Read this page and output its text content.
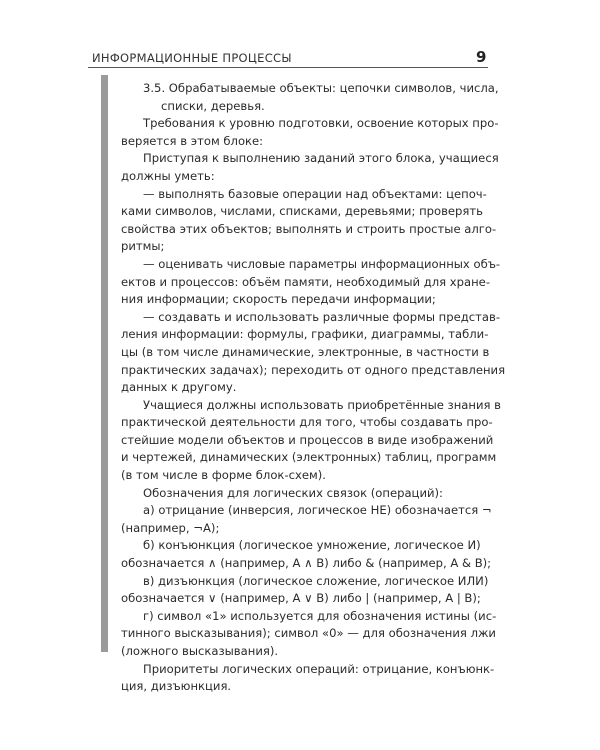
ИНФОРМАЦИОННЫЕ ПРОЦЕССЫ	9
3.5. Обрабатываемые объекты: цепочки символов, числа,
списки, деревья.
Требования к уровню подготовки, освоение которых про-
веряется в этом блоке:
Приступая к выполнению заданий этого блока, учащиеся
должны уметь:
— выполнять базовые операции над объектами: цепоч-
ками символов, числами, списками, деревьями; проверять
свойства этих объектов; выполнять и строить простые алго-
ритмы;
— оценивать числовые параметры информационных объ-
ектов и процессов: объём памяти, необходимый для хране-
ния информации; скорость передачи информации;
— создавать и использовать различные формы представ-
ления информации: формулы, графики, диаграммы, табли-
цы (в том числе динамические, электронные, в частности в
практических задачах); переходить от одного представления
данных к другому.
Учащиеся должны использовать приобретённые знания в
практической деятельности для того, чтобы создавать про-
стейшие модели объектов и процессов в виде изображений
и чертежей, динамических (электронных) таблиц, программ
(в том числе в форме блок-схем).
Обозначения для логических связок (операций):
а) отрицание (инверсия, логическое НЕ) обозначается ¬
(например, ¬А);
б) конъюнкция (логическое умножение, логическое И)
обозначается ∧ (например, А ∧ В) либо & (например, А & В);
в) дизъюнкция (логическое сложение, логическое ИЛИ)
обозначается ∨ (например, А ∨ В) либо | (например, А | В);
г) символ «1» используется для обозначения истины (ис-
тинного высказывания); символ «0» — для обозначения лжи
(ложного высказывания).
Приоритеты логических операций: отрицание, конъюнк-
ция, дизъюнкция.
